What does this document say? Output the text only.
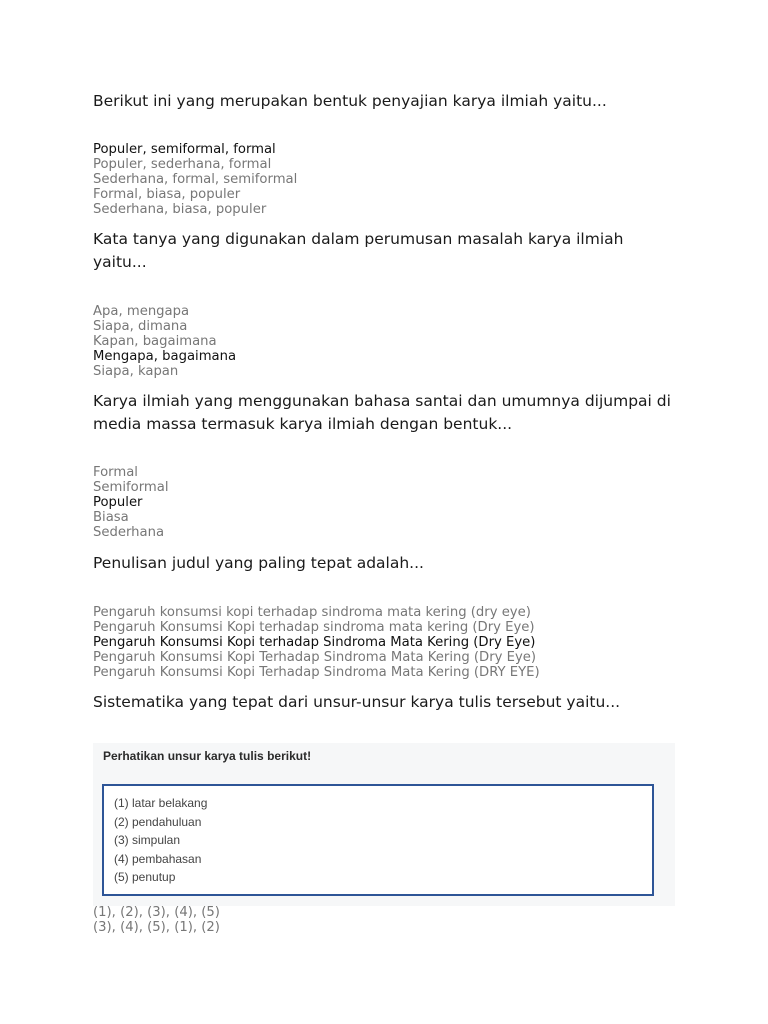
Berikut ini yang merupakan bentuk penyajian karya ilmiah yaitu...
Populer, semiformal, formal
Populer, sederhana, formal
Sederhana, formal, semiformal
Formal, biasa, populer
Sederhana, biasa, populer
Kata tanya yang digunakan dalam perumusan masalah karya ilmiah yaitu...
Apa, mengapa
Siapa, dimana
Kapan, bagaimana
Mengapa, bagaimana
Siapa, kapan
Karya ilmiah yang menggunakan bahasa santai dan umumnya dijumpai di media massa termasuk karya ilmiah dengan bentuk...
Formal
Semiformal
Populer
Biasa
Sederhana
Penulisan judul yang paling tepat adalah...
Pengaruh konsumsi kopi terhadap sindroma mata kering (dry eye)
Pengaruh Konsumsi Kopi terhadap sindroma mata kering (Dry Eye)
Pengaruh Konsumsi Kopi terhadap Sindroma Mata Kering (Dry Eye)
Pengaruh Konsumsi Kopi Terhadap Sindroma Mata Kering (Dry Eye)
Pengaruh Konsumsi Kopi Terhadap Sindroma Mata Kering (DRY EYE)
Sistematika yang tepat dari unsur-unsur karya tulis tersebut yaitu...
Perhatikan unsur karya tulis berikut!
(1) latar belakang
(2) pendahuluan
(3) simpulan
(4) pembahasan
(5) penutup
(1), (2), (3), (4), (5)
(3), (4), (5), (1), (2)
